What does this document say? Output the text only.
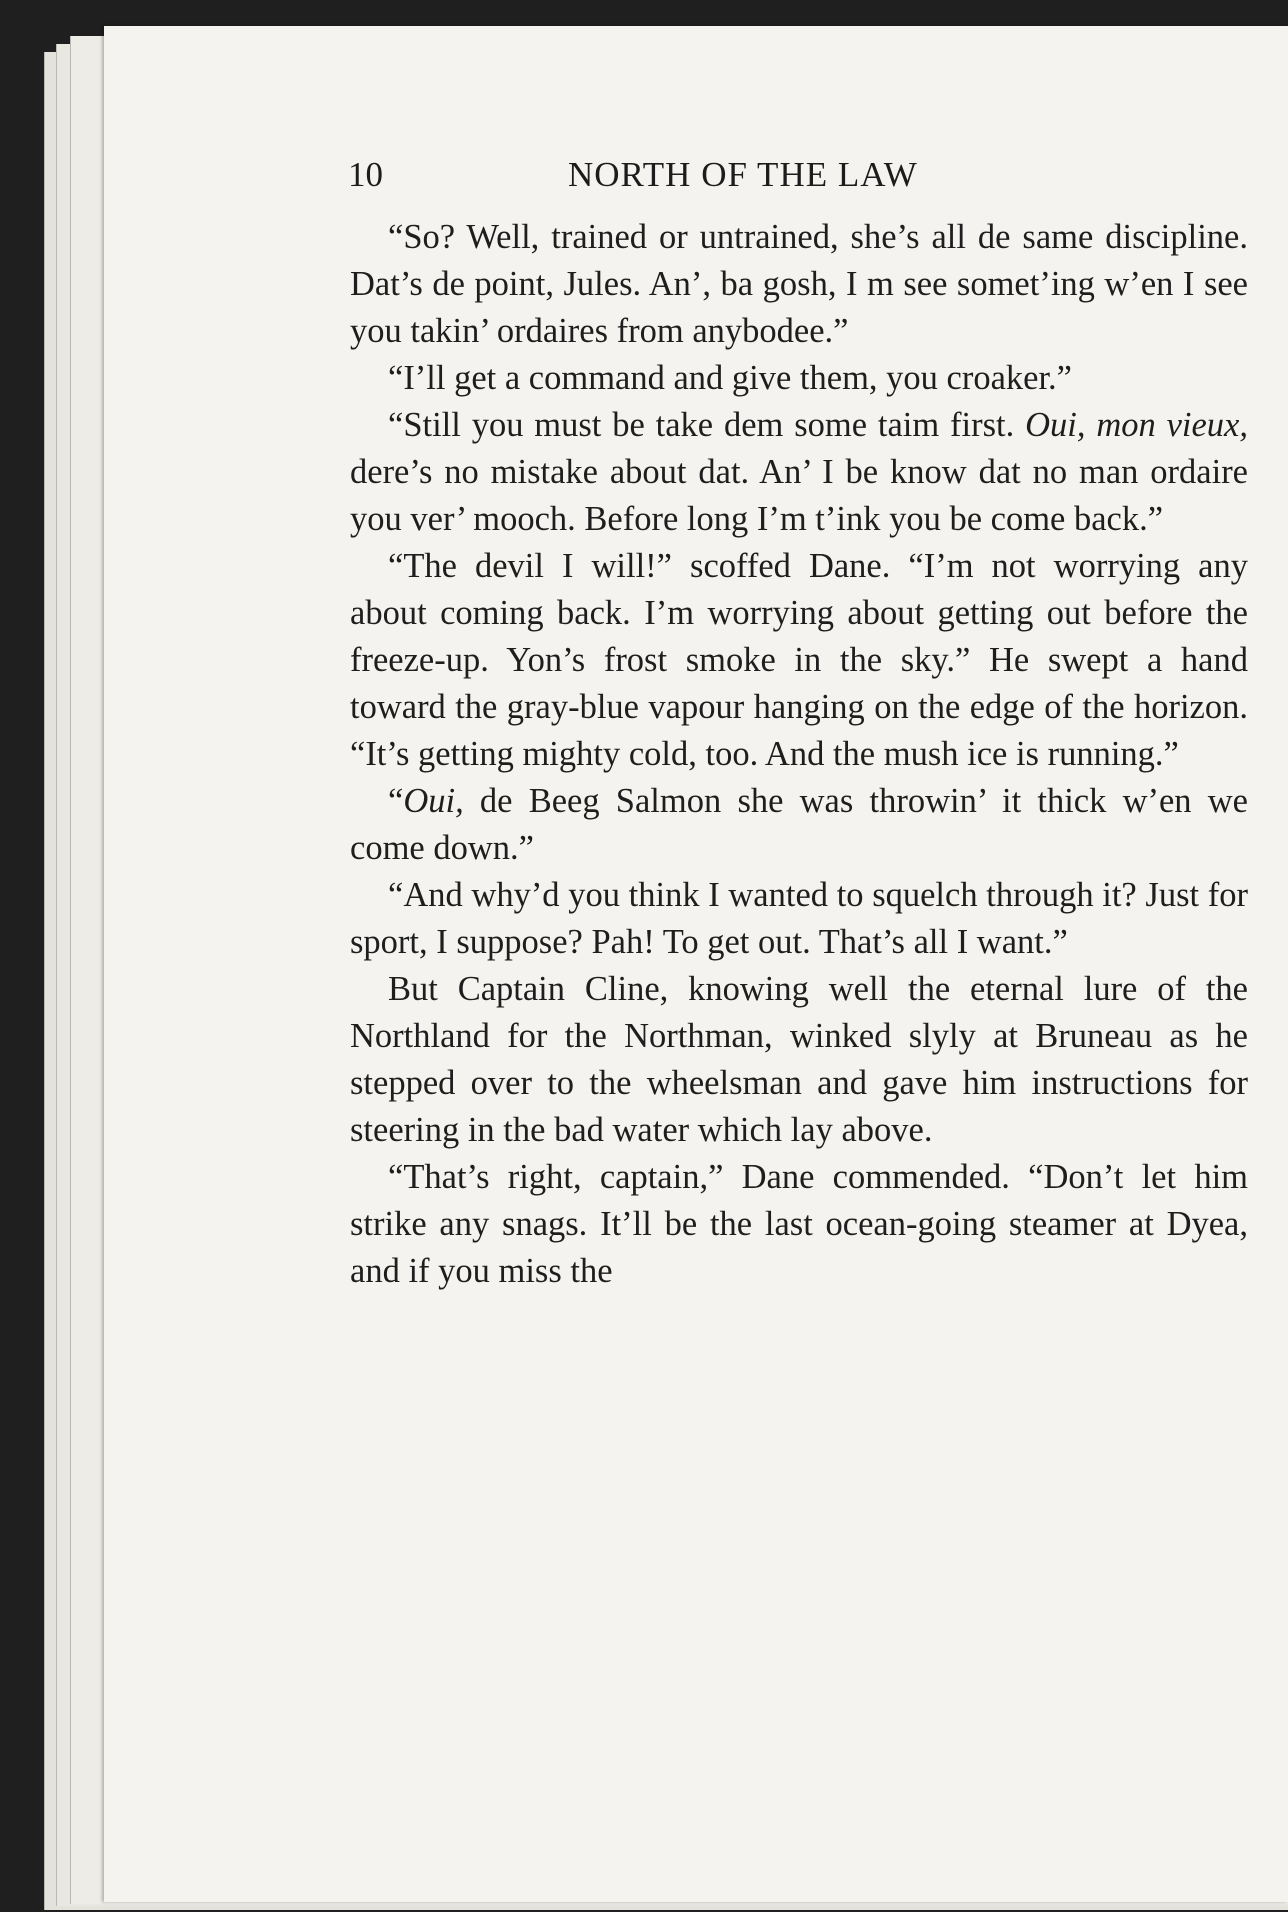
10	NORTH OF THE LAW

“So? Well, trained or untrained, she’s all de same discipline. Dat’s de point, Jules. An’, ba gosh, I m see somet’ing w’en I see you takin’ ordaires from anybodee.”

“I’ll get a command and give them, you croaker.”

“Still you must be take dem some taim first. Oui, mon vieux, dere’s no mistake about dat. An’ I be know dat no man ordaire you ver’ mooch. Before long I’m t’ink you be come back.”

“The devil I will!” scoffed Dane. “I’m not worrying any about coming back. I’m worrying about getting out before the freeze-up. Yon’s frost smoke in the sky.” He swept a hand toward the gray-blue vapour hanging on the edge of the horizon. “It’s getting mighty cold, too. And the mush ice is running.”

“Oui, de Beeg Salmon she was throwin’ it thick w’en we come down.”

“And why’d you think I wanted to squelch through it? Just for sport, I suppose? Pah! To get out. That’s all I want.”

But Captain Cline, knowing well the eternal lure of the Northland for the Northman, winked slyly at Bruneau as he stepped over to the wheelsman and gave him instructions for steering in the bad water which lay above.

“That’s right, captain,” Dane commended. “Don’t let him strike any snags. It’ll be the last ocean-going steamer at Dyea, and if you miss the
